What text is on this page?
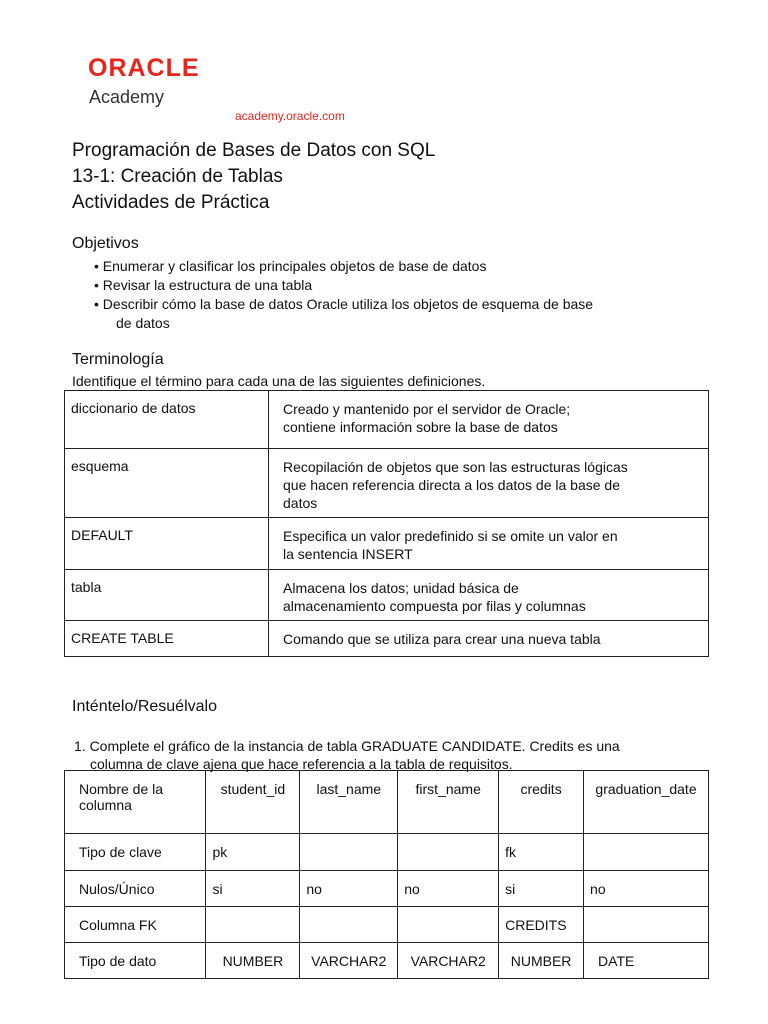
ORACLE
Academy
academy.oracle.com
Programación de Bases de Datos con SQL
13-1: Creación de Tablas
Actividades de Práctica
Objetivos
• Enumerar y clasificar los principales objetos de base de datos
• Revisar la estructura de una tabla
• Describir cómo la base de datos Oracle utiliza los objetos de esquema de base
de datos
Terminología
Identifique el término para cada una de las siguientes definiciones.
diccionario de datos	Creado y mantenido por el servidor de Oracle;
contiene información sobre la base de datos
esquema	Recopilación de objetos que son las estructuras lógicas
que hacen referencia directa a los datos de la base de
datos
DEFAULT	Especifica un valor predefinido si se omite un valor en
la sentencia INSERT
tabla	Almacena los datos; unidad básica de
almacenamiento compuesta por filas y columnas
CREATE TABLE	Comando que se utiliza para crear una nueva tabla
Inténtelo/Resuélvalo
1. Complete el gráfico de la instancia de tabla GRADUATE CANDIDATE. Credits es una
columna de clave ajena que hace referencia a la tabla de requisitos.
Nombre de la columna	student_id	last_name	first_name	credits	graduation_date
Tipo de clave	pk			fk	
Nulos/Único	si	no	no	si	no
Columna FK				CREDITS	
Tipo de dato	NUMBER	VARCHAR2	VARCHAR2	NUMBER	DATE
